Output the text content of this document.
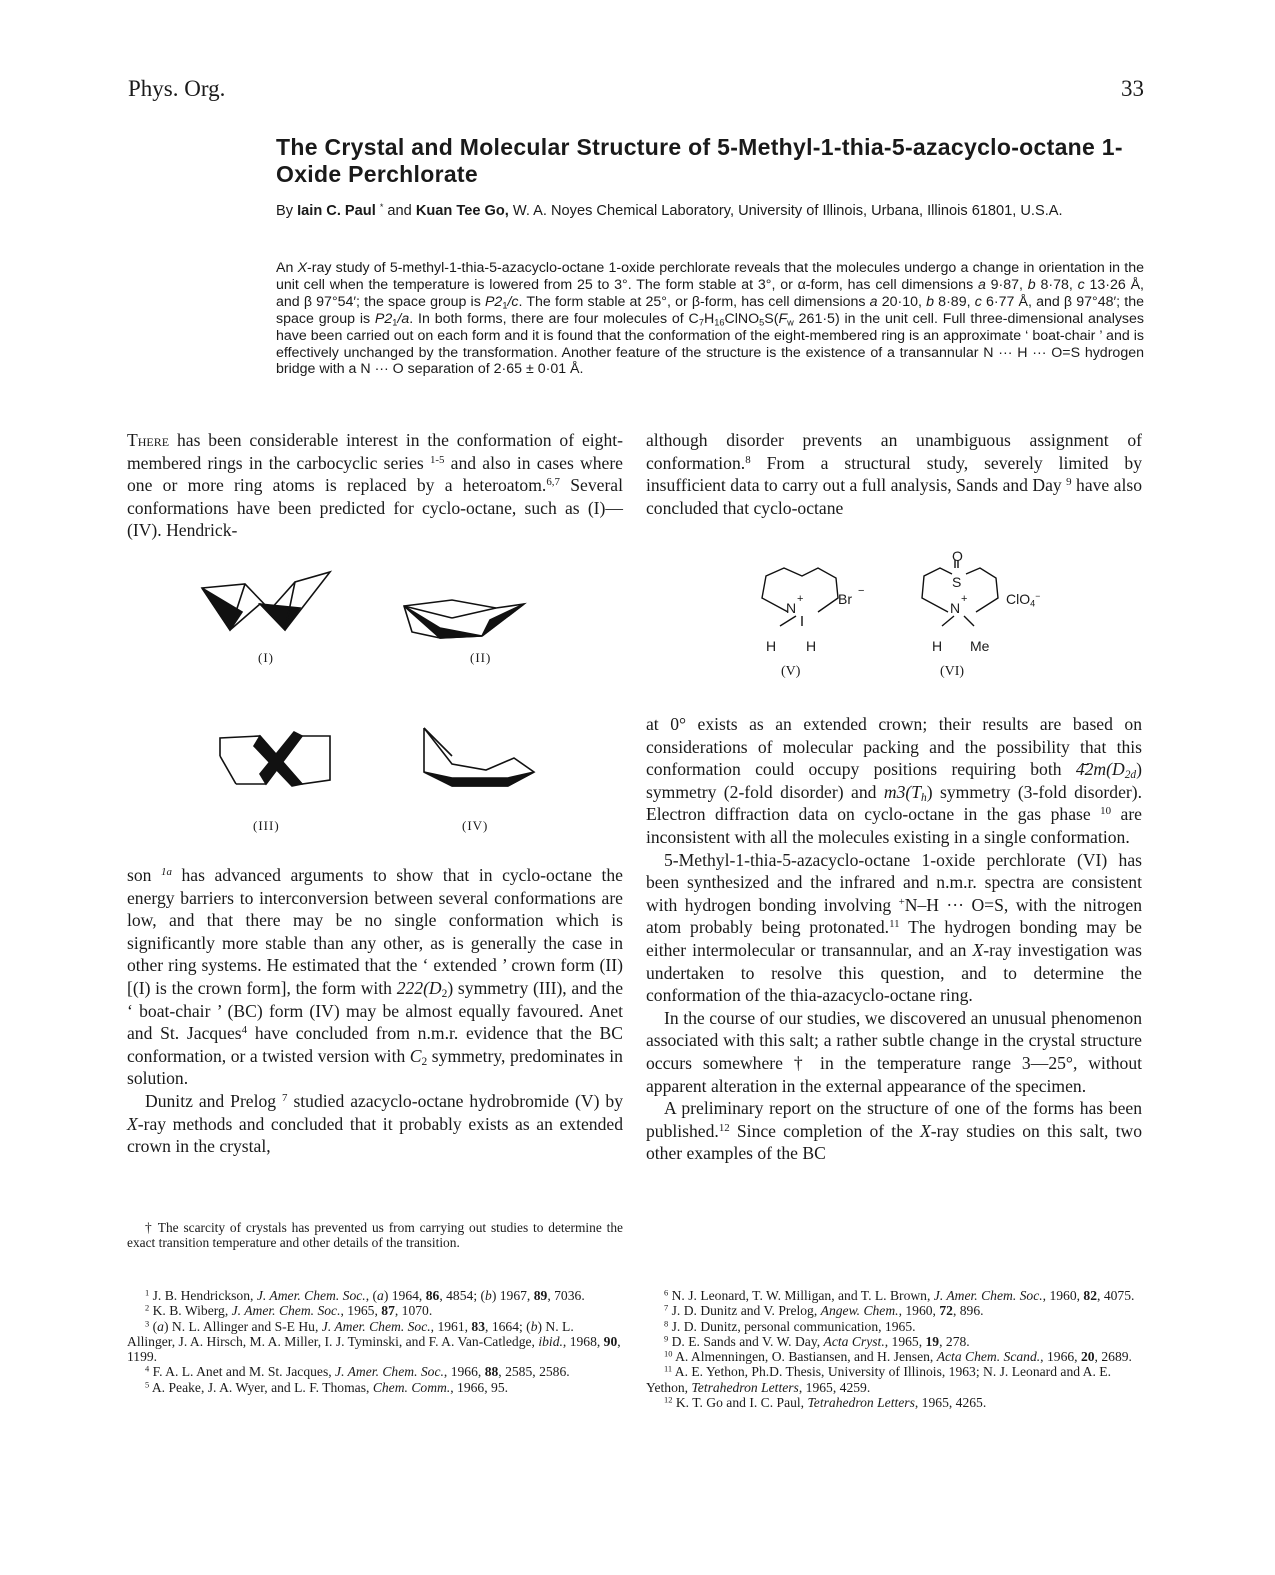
Phys. Org.	33
The Crystal and Molecular Structure of 5-Methyl-1-thia-5-azacyclo-octane 1-Oxide Perchlorate
By Iain C. Paul * and Kuan Tee Go, W. A. Noyes Chemical Laboratory, University of Illinois, Urbana, Illinois 61801, U.S.A.
An X-ray study of 5-methyl-1-thia-5-azacyclo-octane 1-oxide perchlorate reveals that the molecules undergo a change in orientation in the unit cell when the temperature is lowered from 25 to 3°. The form stable at 3°, or α-form, has cell dimensions a 9·87, b 8·78, c 13·26 Å, and β 97°54′; the space group is $P2_1/c$. The form stable at 25°, or β-form, has cell dimensions a 20·10, b 8·89, c 6·77 Å, and β 97°48′; the space group is $P2_1/a$. In both forms, there are four molecules of $C_7H_{16}ClNO_5S(F_w$ 261·5) in the unit cell. Full three-dimensional analyses have been carried out on each form and it is found that the conformation of the eight-membered ring is an approximate ‘ boat-chair ’ and is effectively unchanged by the transformation. Another feature of the structure is the existence of a transannular N ··· H ··· O=S hydrogen bridge with a N ··· O separation of 2·65 ± 0·01 Å.

There has been considerable interest in the conformation of eight-membered rings in the carbocyclic series $^{1-5}$ and also in cases where one or more ring atoms is replaced by a heteroatom.$^{6,7}$ Several conformations have been predicted for cyclo-octane, such as (I)—(IV). Hendrick-

(I)	(II)
(III)	(IV)

son $^{1a}$ has advanced arguments to show that in cyclo-octane the energy barriers to interconversion between several conformations are low, and that there may be no single conformation which is significantly more stable than any other, as is generally the case in other ring systems. He estimated that the ‘ extended ’ crown form (II) [(I) is the crown form], the form with $222(D_2)$ symmetry (III), and the ‘ boat-chair ’ (BC) form (IV) may be almost equally favoured. Anet and St. Jacques$^4$ have concluded from n.m.r. evidence that the BC conformation, or a twisted version with $C_2$ symmetry, predominates in solution.

Dunitz and Prelog $^7$ studied azacyclo-octane hydrobromide (V) by X-ray methods and concluded that it probably exists as an extended crown in the crystal,

† The scarcity of crystals has prevented us from carrying out studies to determine the exact transition temperature and other details of the transition.

although disorder prevents an unambiguous assignment of conformation.$^8$ From a structural study, severely limited by insufficient data to carry out a full analysis, Sands and Day $^9$ have also concluded that cyclo-octane

N
+ Br −
H H
(V)
O
S
N
+	ClO$_4$−
H Me
(VI)

at 0° exists as an extended crown; their results are based on considerations of molecular packing and the possibility that this conformation could occupy positions requiring both $4̄2m(D_{2d})$ symmetry (2-fold disorder) and $m3(T_h)$ symmetry (3-fold disorder). Electron diffraction data on cyclo-octane in the gas phase $^{10}$ are inconsistent with all the molecules existing in a single conformation.

5-Methyl-1-thia-5-azacyclo-octane 1-oxide perchlorate (VI) has been synthesized and the infrared and n.m.r. spectra are consistent with hydrogen bonding involving +N–H ··· O=S, with the nitrogen atom probably being protonated.$^{11}$ The hydrogen bonding may be either intermolecular or transannular, and an X-ray investigation was undertaken to resolve this question, and to determine the conformation of the thia-azacyclo-octane ring.

In the course of our studies, we discovered an unusual phenomenon associated with this salt; a rather subtle change in the crystal structure occurs somewhere † in the temperature range 3—25°, without apparent alteration in the external appearance of the specimen.

A preliminary report on the structure of one of the forms has been published.$^{12}$ Since completion of the X-ray studies on this salt, two other examples of the BC

$^1$ J. B. Hendrickson, J. Amer. Chem. Soc., (a) 1964, 86, 4854; (b) 1967, 89, 7036.
$^2$ K. B. Wiberg, J. Amer. Chem. Soc., 1965, 87, 1070.
$^3$ (a) N. L. Allinger and S-E Hu, J. Amer. Chem. Soc., 1961, 83, 1664; (b) N. L. Allinger, J. A. Hirsch, M. A. Miller, I. J. Tyminski, and F. A. Van-Catledge, ibid., 1968, 90, 1199.
$^4$ F. A. L. Anet and M. St. Jacques, J. Amer. Chem. Soc., 1966, 88, 2585, 2586.
$^5$ A. Peake, J. A. Wyer, and L. F. Thomas, Chem. Comm., 1966, 95.
$^6$ N. J. Leonard, T. W. Milligan, and T. L. Brown, J. Amer. Chem. Soc., 1960, 82, 4075.
$^7$ J. D. Dunitz and V. Prelog, Angew. Chem., 1960, 72, 896.
$^8$ J. D. Dunitz, personal communication, 1965.
$^9$ D. E. Sands and V. W. Day, Acta Cryst., 1965, 19, 278.
$^{10}$ A. Almenningen, O. Bastiansen, and H. Jensen, Acta Chem. Scand., 1966, 20, 2689.
$^{11}$ A. E. Yethon, Ph.D. Thesis, University of Illinois, 1963; N. J. Leonard and A. E. Yethon, Tetrahedron Letters, 1965, 4259.
$^{12}$ K. T. Go and I. C. Paul, Tetrahedron Letters, 1965, 4265.
